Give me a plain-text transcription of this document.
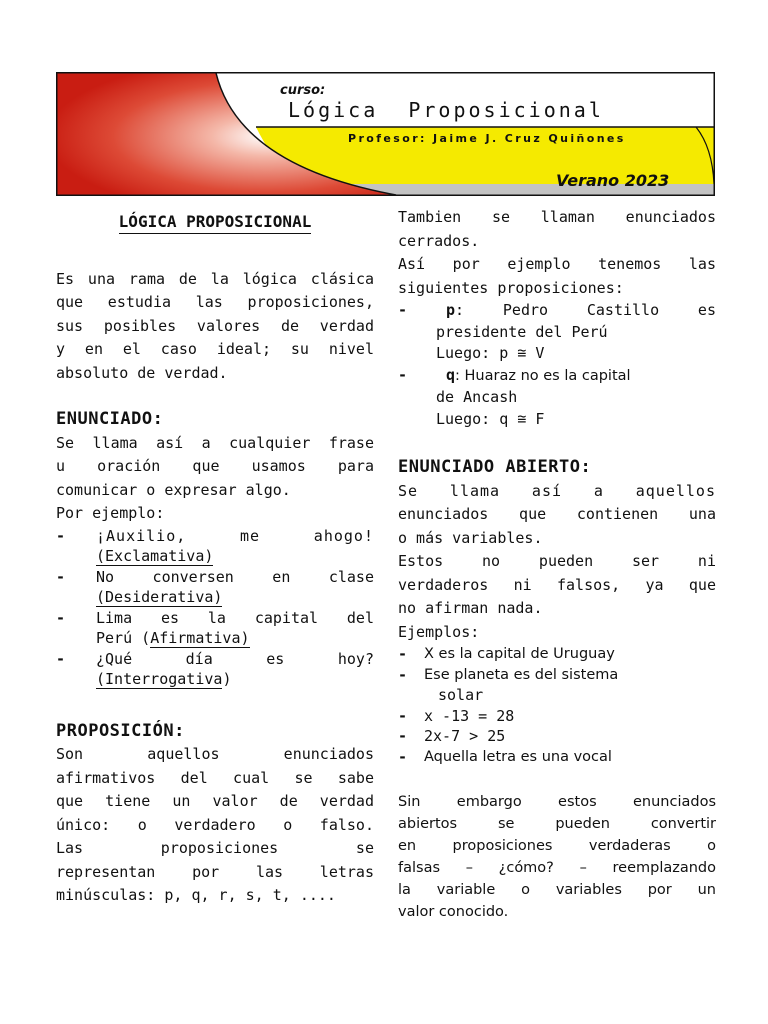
curso:
Lógica  Proposicional
Profesor: Jaime J. Cruz Quiñones
Verano 2023

LÓGICA PROPOSICIONAL

Es una rama de la lógica clásica

que estudia las proposiciones,

sus posibles valores de verdad

y en el caso ideal; su nivel

absoluto de verdad.

ENUNCIADO:

Se llama así a cualquier frase

u oración que usamos para

comunicar o expresar algo.

Por ejemplo:

-	¡Auxilio, me ahogo!
(Exclamativa)
-	No conversen en clase
(Desiderativa)
-	Lima es la capital del
Perú (Afirmativa)
-	¿Qué día es hoy?
(Interrogativa)

PROPOSICIÓN:

Son aquellos enunciados

afirmativos del cual se sabe

que tiene un valor de verdad

único: o verdadero o falso.

Las proposiciones se

representan por las letras

minúsculas: p, q, r, s, t, ....

Tambien se llaman enunciados

cerrados.

Así por ejemplo tenemos las

siguientes proposiciones:

-	p: Pedro Castillo es
presidente del Perú
Luego: p ≅ V
-	q: Huaraz no es la capital
de Ancash
Luego: q ≅ F

ENUNCIADO ABIERTO:

Se llama así a aquellos

enunciados que contienen una

o más variables.

Estos no pueden ser ni

verdaderos ni falsos, ya que

no afirman nada.

Ejemplos:

-	X es la capital de Uruguay
-	Ese planeta es del sistema
solar
-	x -13 = 28
-	2x-7 > 25
-	Aquella letra es una vocal

Sin embargo estos enunciados

abiertos se pueden convertir

en proposiciones verdaderas o

falsas – ¿cómo? – reemplazando

la variable o variables por un

valor conocido.
